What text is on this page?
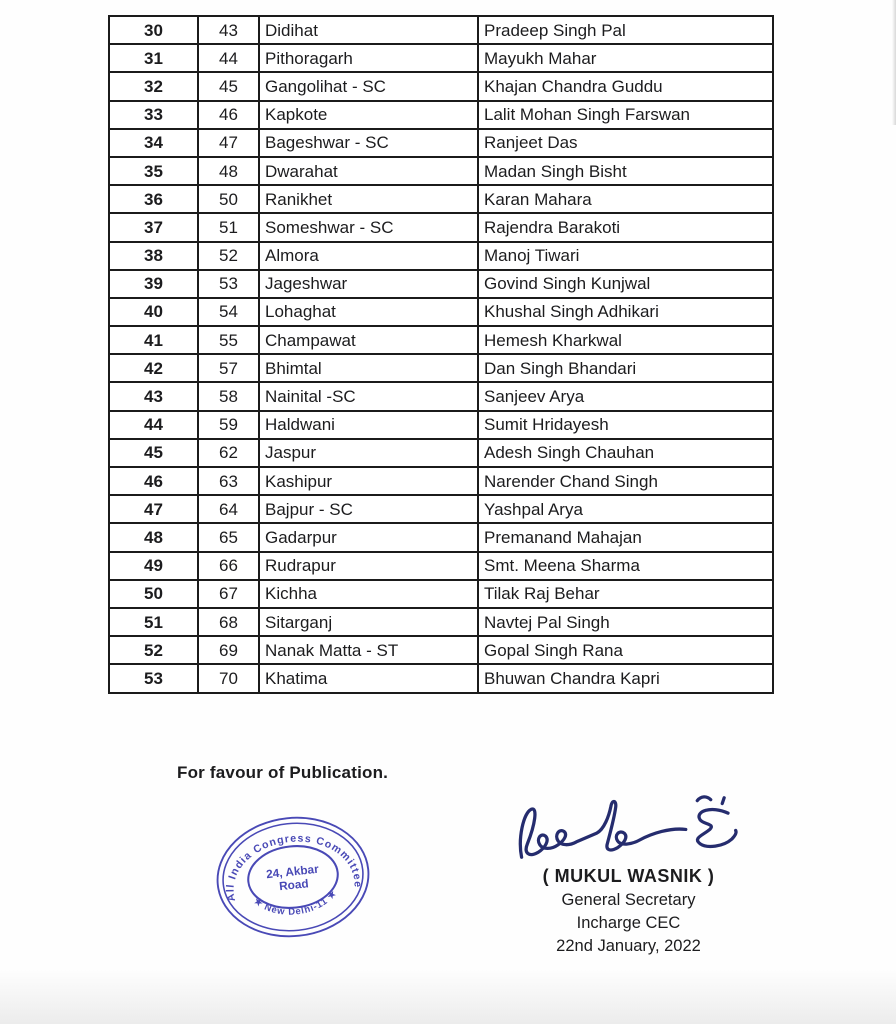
30	43	Didihat	Pradeep Singh Pal
31	44	Pithoragarh	Mayukh Mahar
32	45	Gangolihat - SC	Khajan Chandra Guddu
33	46	Kapkote	Lalit Mohan Singh Farswan
34	47	Bageshwar - SC	Ranjeet Das
35	48	Dwarahat	Madan Singh Bisht
36	50	Ranikhet	Karan Mahara
37	51	Someshwar - SC	Rajendra Barakoti
38	52	Almora	Manoj Tiwari
39	53	Jageshwar	Govind Singh Kunjwal
40	54	Lohaghat	Khushal Singh Adhikari
41	55	Champawat	Hemesh Kharkwal
42	57	Bhimtal	Dan Singh Bhandari
43	58	Nainital -SC	Sanjeev Arya
44	59	Haldwani	Sumit Hridayesh
45	62	Jaspur	Adesh Singh Chauhan
46	63	Kashipur	Narender Chand Singh
47	64	Bajpur - SC	Yashpal Arya
48	65	Gadarpur	Premanand Mahajan
49	66	Rudrapur	Smt. Meena Sharma
50	67	Kichha	Tilak Raj Behar
51	68	Sitarganj	Navtej Pal Singh
52	69	Nanak Matta - ST	Gopal Singh Rana
53	70	Khatima	Bhuwan Chandra Kapri
For favour of Publication.
All India Congress Committee
★ New Delhi-11 ★
24, Akbar
Road	( MUKUL WASNIK )
General Secretary
Incharge CEC
22nd January, 2022
